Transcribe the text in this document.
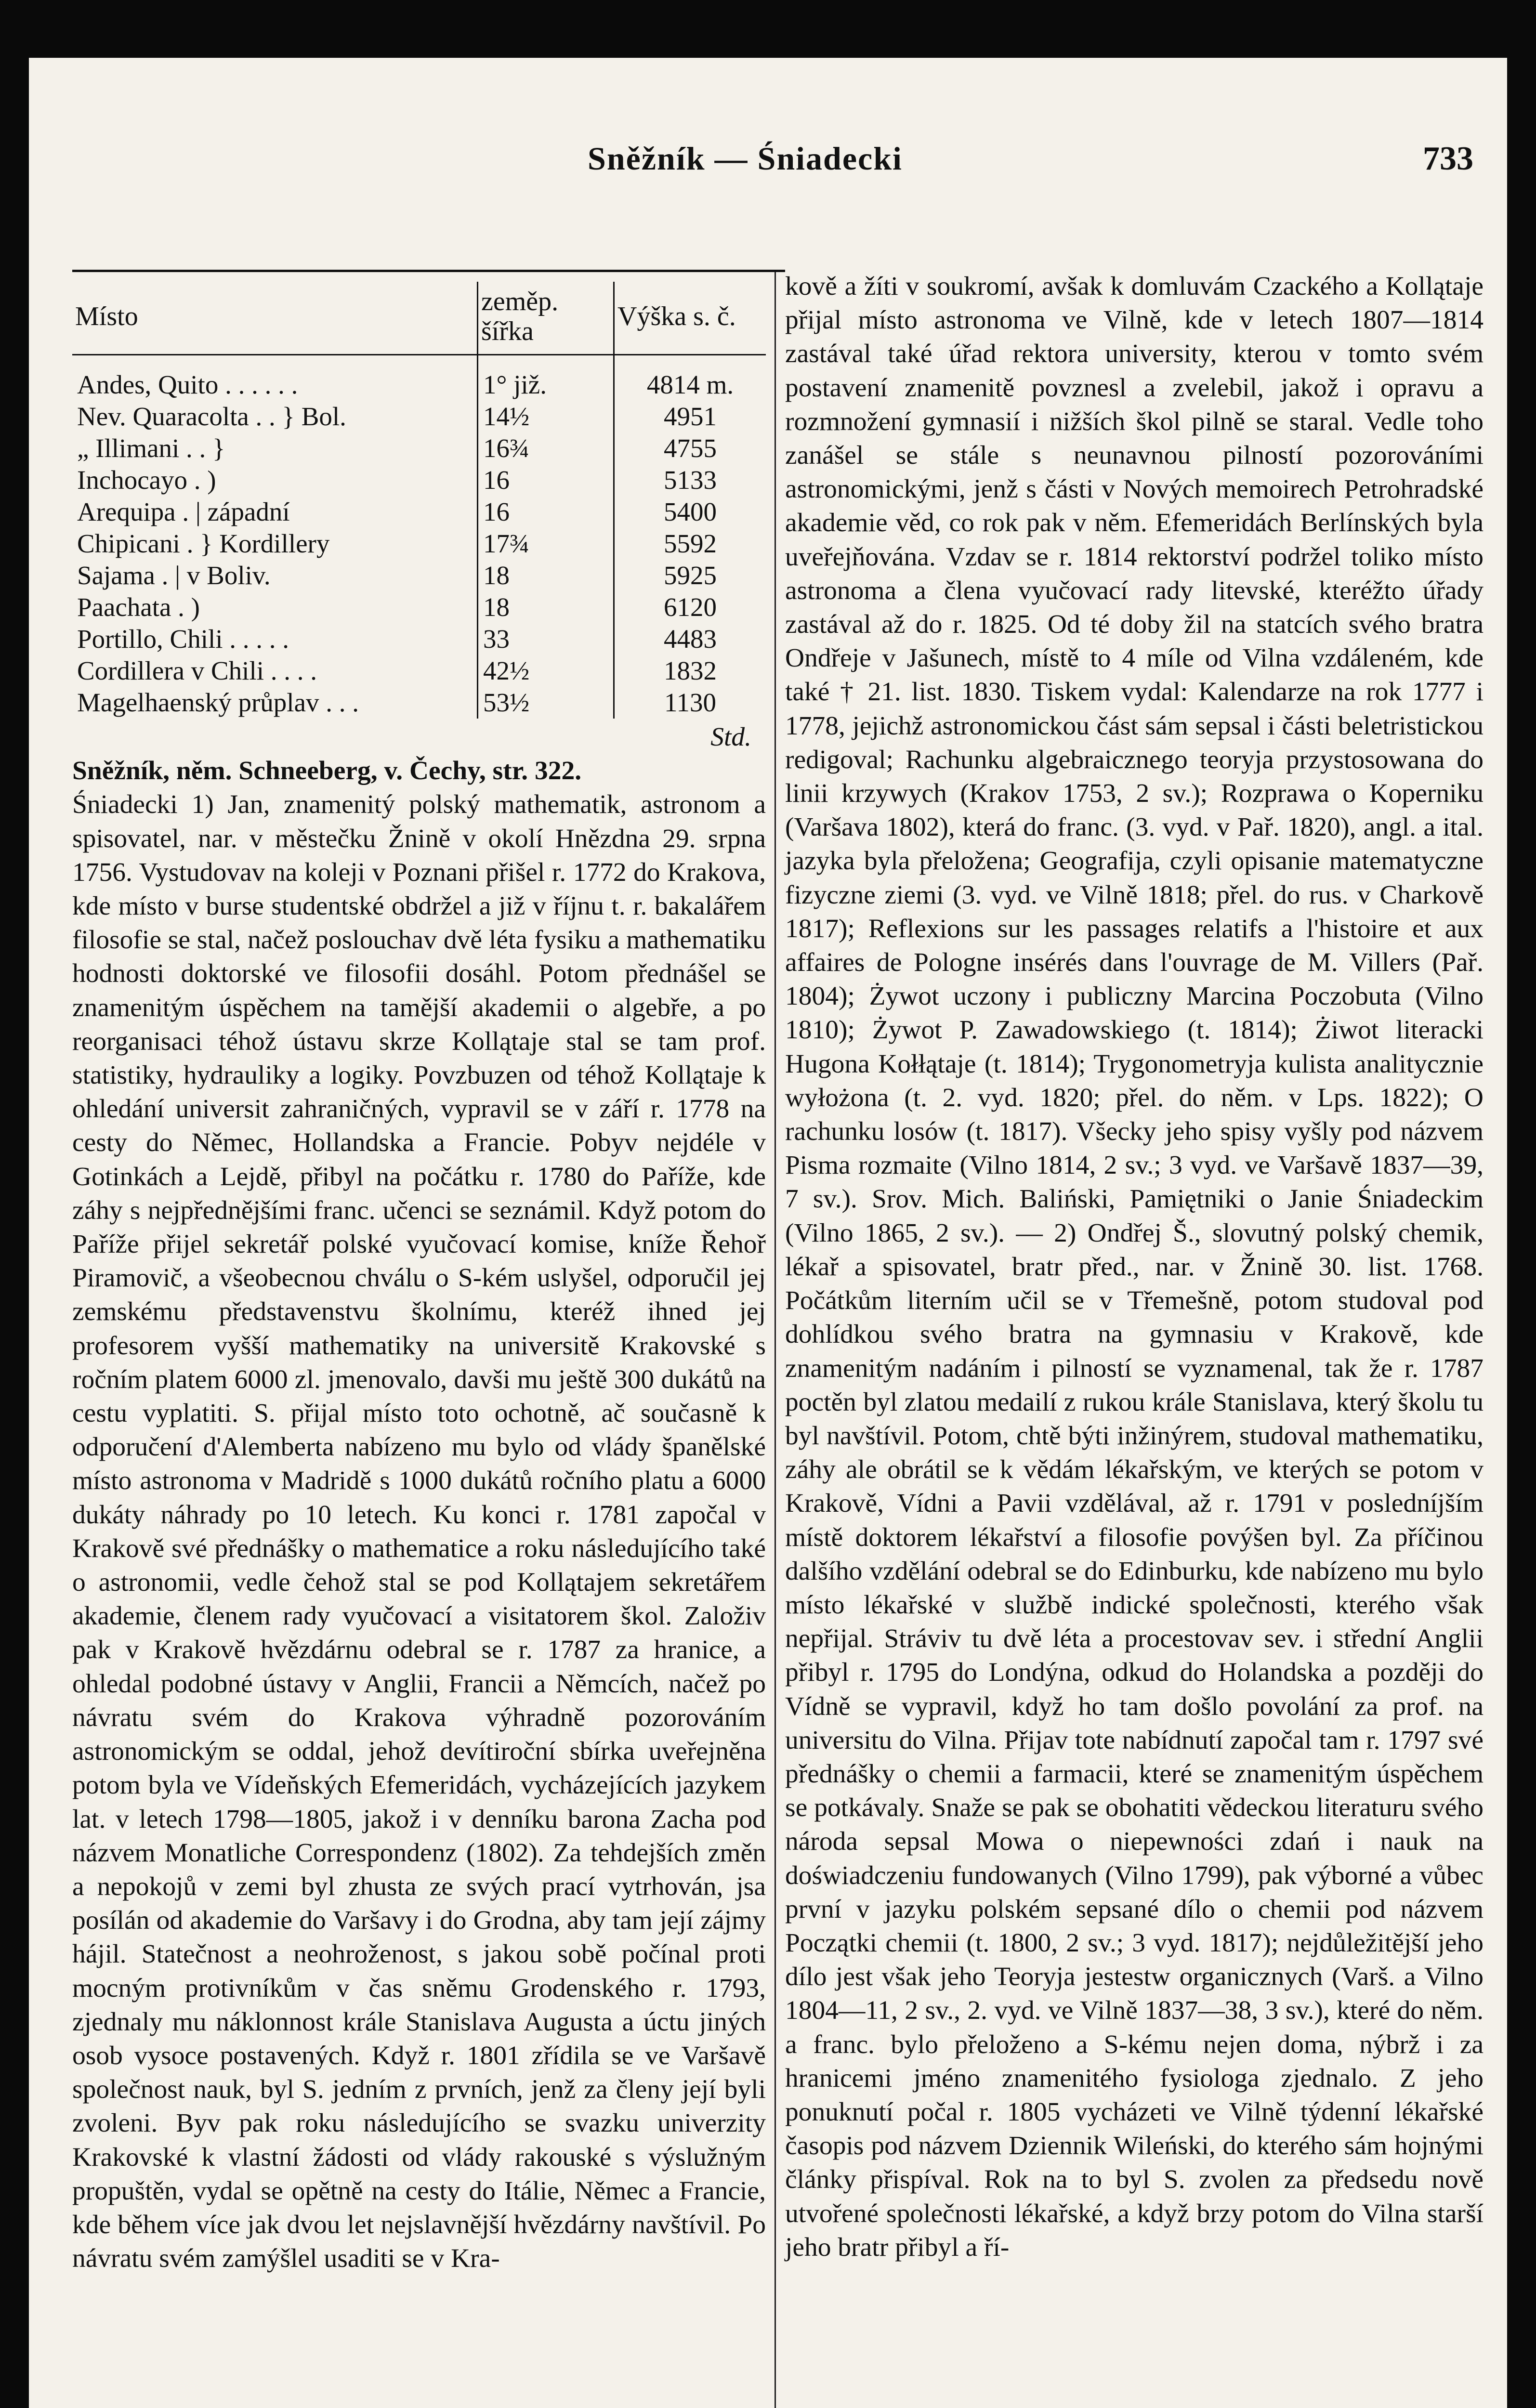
Sněžník — Śniadecki	733
Místo	zeměp. šířka	Výška s. č.
Andes, Quito . . . . . .	1° již.	4814 m.
Nev. Quaracolta . . } Bol.	14½	4951
„ Illimani . . }	16¾	4755
Inchocayo . )	16	5133
Arequipa . | západní	16	5400
Chipicani . } Kordillery	17¾	5592
Sajama . | v Boliv.	18	5925
Paachata . )	18	6120
Portillo, Chili . . . . .	33	4483
Cordillera v Chili . . . .	42½	1832
Magelhaenský průplav . . .	53½	1130
Std.

Sněžník, něm. Schneeberg, v. Čechy, str. 322.

Śniadecki 1) Jan, znamenitý polský mathematik, astronom a spisovatel, nar. v městečku Žnině v okolí Hnězdna 29. srpna 1756. Vystudovav na koleji v Poznani přišel r. 1772 do Krakova, kde místo v burse studentské obdržel a již v říjnu t. r. bakalářem filosofie se stal, načež poslouchav dvě léta fysiku a mathematiku hodnosti doktorské ve filosofii dosáhl. Potom přednášel se znamenitým úspěchem na tamější akademii o algebře, a po reorganisaci téhož ústavu skrze Kollątaje stal se tam prof. statistiky, hydrauliky a logiky. Povzbuzen od téhož Kollątaje k ohledání universit zahraničných, vypravil se v září r. 1778 na cesty do Němec, Hollandska a Francie. Pobyv nejdéle v Gotinkách a Lejdě, přibyl na počátku r. 1780 do Paříže, kde záhy s nejpřednějšími franc. učenci se seznámil. Když potom do Paříže přijel sekretář polské vyučovací komise, kníže Řehoř Piramovič, a všeobecnou chválu o S-kém uslyšel, odporučil jej zemskému představenstvu školnímu, kteréž ihned jej profesorem vyšší mathematiky na universitě Krakovské s ročním platem 6000 zl. jmenovalo, davši mu ještě 300 dukátů na cestu vyplatiti. S. přijal místo toto ochotně, ač současně k odporučení d'Alemberta nabízeno mu bylo od vlády španělské místo astronoma v Madridě s 1000 dukátů ročního platu a 6000 dukáty náhrady po 10 letech. Ku konci r. 1781 započal v Krakově své přednášky o mathematice a roku následujícího také o astronomii, vedle čehož stal se pod Kollątajem sekretářem akademie, členem rady vyučovací a visitatorem škol. Založiv pak v Krakově hvězdárnu odebral se r. 1787 za hranice, a ohledal podobné ústavy v Anglii, Francii a Němcích, načež po návratu svém do Krakova výhradně pozorováním astronomickým se oddal, jehož devítiroční sbírka uveřejněna potom byla ve Vídeňských Efemeridách, vycházejících jazykem lat. v letech 1798—1805, jakož i v denníku barona Zacha pod názvem Monatliche Correspondenz (1802). Za tehdejších změn a nepokojů v zemi byl zhusta ze svých prací vytrhován, jsa posílán od akademie do Varšavy i do Grodna, aby tam její zájmy hájil. Statečnost a neohroženost, s jakou sobě počínal proti mocným protivníkům v čas sněmu Grodenského r. 1793, zjednaly mu náklonnost krále Stanislava Augusta a úctu jiných osob vysoce postavených. Když r. 1801 zřídila se ve Varšavě společnost nauk, byl S. jedním z prvních, jenž za členy její byli zvoleni. Byv pak roku následujícího se svazku univerzity Krakovské k vlastní žádosti od vlády rakouské s výslužným propuštěn, vydal se opětně na cesty do Itálie, Němec a Francie, kde během více jak dvou let nejslavnější hvězdárny navštívil. Po návratu svém zamýšlel usaditi se v Kra-

kově a žíti v soukromí, avšak k domluvám Czackého a Kollątaje přijal místo astronoma ve Vilně, kde v letech 1807—1814 zastával také úřad rektora university, kterou v tomto svém postavení znamenitě povznesl a zvelebil, jakož i opravu a rozmnožení gymnasií i nižších škol pilně se staral. Vedle toho zanášel se stále s neunavnou pilností pozorováními astronomickými, jenž s části v Nových memoirech Petrohradské akademie věd, co rok pak v něm. Efemeridách Berlínských byla uveřejňována. Vzdav se r. 1814 rektorství podržel toliko místo astronoma a člena vyučovací rady litevské, kteréžto úřady zastával až do r. 1825. Od té doby žil na statcích svého bratra Ondřeje v Jašunech, místě to 4 míle od Vilna vzdáleném, kde také † 21. list. 1830. Tiskem vydal: Kalendarze na rok 1777 i 1778, jejichž astronomickou část sám sepsal i části beletristickou redigoval; Rachunku algebraicznego teoryja przystosowana do linii krzywych (Krakov 1753, 2 sv.); Rozprawa o Koperniku (Varšava 1802), která do franc. (3. vyd. v Pař. 1820), angl. a ital. jazyka byla přeložena; Geografija, czyli opisanie matematyczne fizyczne ziemi (3. vyd. ve Vilně 1818; přel. do rus. v Charkově 1817); Reflexions sur les passages relatifs a l'histoire et aux affaires de Pologne insérés dans l'ouvrage de M. Villers (Pař. 1804); Żywot uczony i publiczny Marcina Poczobuta (Vilno 1810); Żywot P. Zawadowskiego (t. 1814); Żiwot literacki Hugona Kołłątaje (t. 1814); Trygonometryja kulista analitycznie wyłożona (t. 2. vyd. 1820; přel. do něm. v Lps. 1822); O rachunku losów (t. 1817). Všecky jeho spisy vyšly pod názvem Pisma rozmaite (Vilno 1814, 2 sv.; 3 vyd. ve Varšavě 1837—39, 7 sv.). Srov. Mich. Baliński, Pamiętniki o Janie Śniadeckim (Vilno 1865, 2 sv.). — 2) Ondřej Š., slovutný polský chemik, lékař a spisovatel, bratr před., nar. v Žnině 30. list. 1768. Počátkům literním učil se v Třemešně, potom studoval pod dohlídkou svého bratra na gymnasiu v Krakově, kde znamenitým nadáním i pilností se vyznamenal, tak že r. 1787 poctěn byl zlatou medailí z rukou krále Stanislava, který školu tu byl navštívil. Potom, chtě býti inžinýrem, studoval mathematiku, záhy ale obrátil se k vědám lékařským, ve kterých se potom v Krakově, Vídni a Pavii vzdělával, až r. 1791 v posledníjším místě doktorem lékařství a filosofie povýšen byl. Za příčinou dalšího vzdělání odebral se do Edinburku, kde nabízeno mu bylo místo lékařské v službě indické společnosti, kterého však nepřijal. Stráviv tu dvě léta a procestovav sev. i střední Anglii přibyl r. 1795 do Londýna, odkud do Holandska a později do Vídně se vypravil, když ho tam došlo povolání za prof. na universitu do Vilna. Přijav tote nabídnutí započal tam r. 1797 své přednášky o chemii a farmacii, které se znamenitým úspěchem se potkávaly. Snaže se pak se obohatiti vědeckou literaturu svého národa sepsal Mowa o niepewności zdań i nauk na doświadczeniu fundowanych (Vilno 1799), pak výborné a vůbec první v jazyku polském sepsané dílo o chemii pod názvem Początki chemii (t. 1800, 2 sv.; 3 vyd. 1817); nejdůležitější jeho dílo jest však jeho Teoryja jestestw organicznych (Varš. a Vilno 1804—11, 2 sv., 2. vyd. ve Vilně 1837—38, 3 sv.), které do něm. a franc. bylo přeloženo a S-kému nejen doma, nýbrž i za hranicemi jméno znamenitého fysiologa zjednalo. Z jeho ponuknutí počal r. 1805 vycházeti ve Vilně týdenní lékařské časopis pod názvem Dziennik Wileński, do kterého sám hojnými články přispíval. Rok na to byl S. zvolen za předsedu nově utvořené společnosti lékařské, a když brzy potom do Vilna starší jeho bratr přibyl a ří-
